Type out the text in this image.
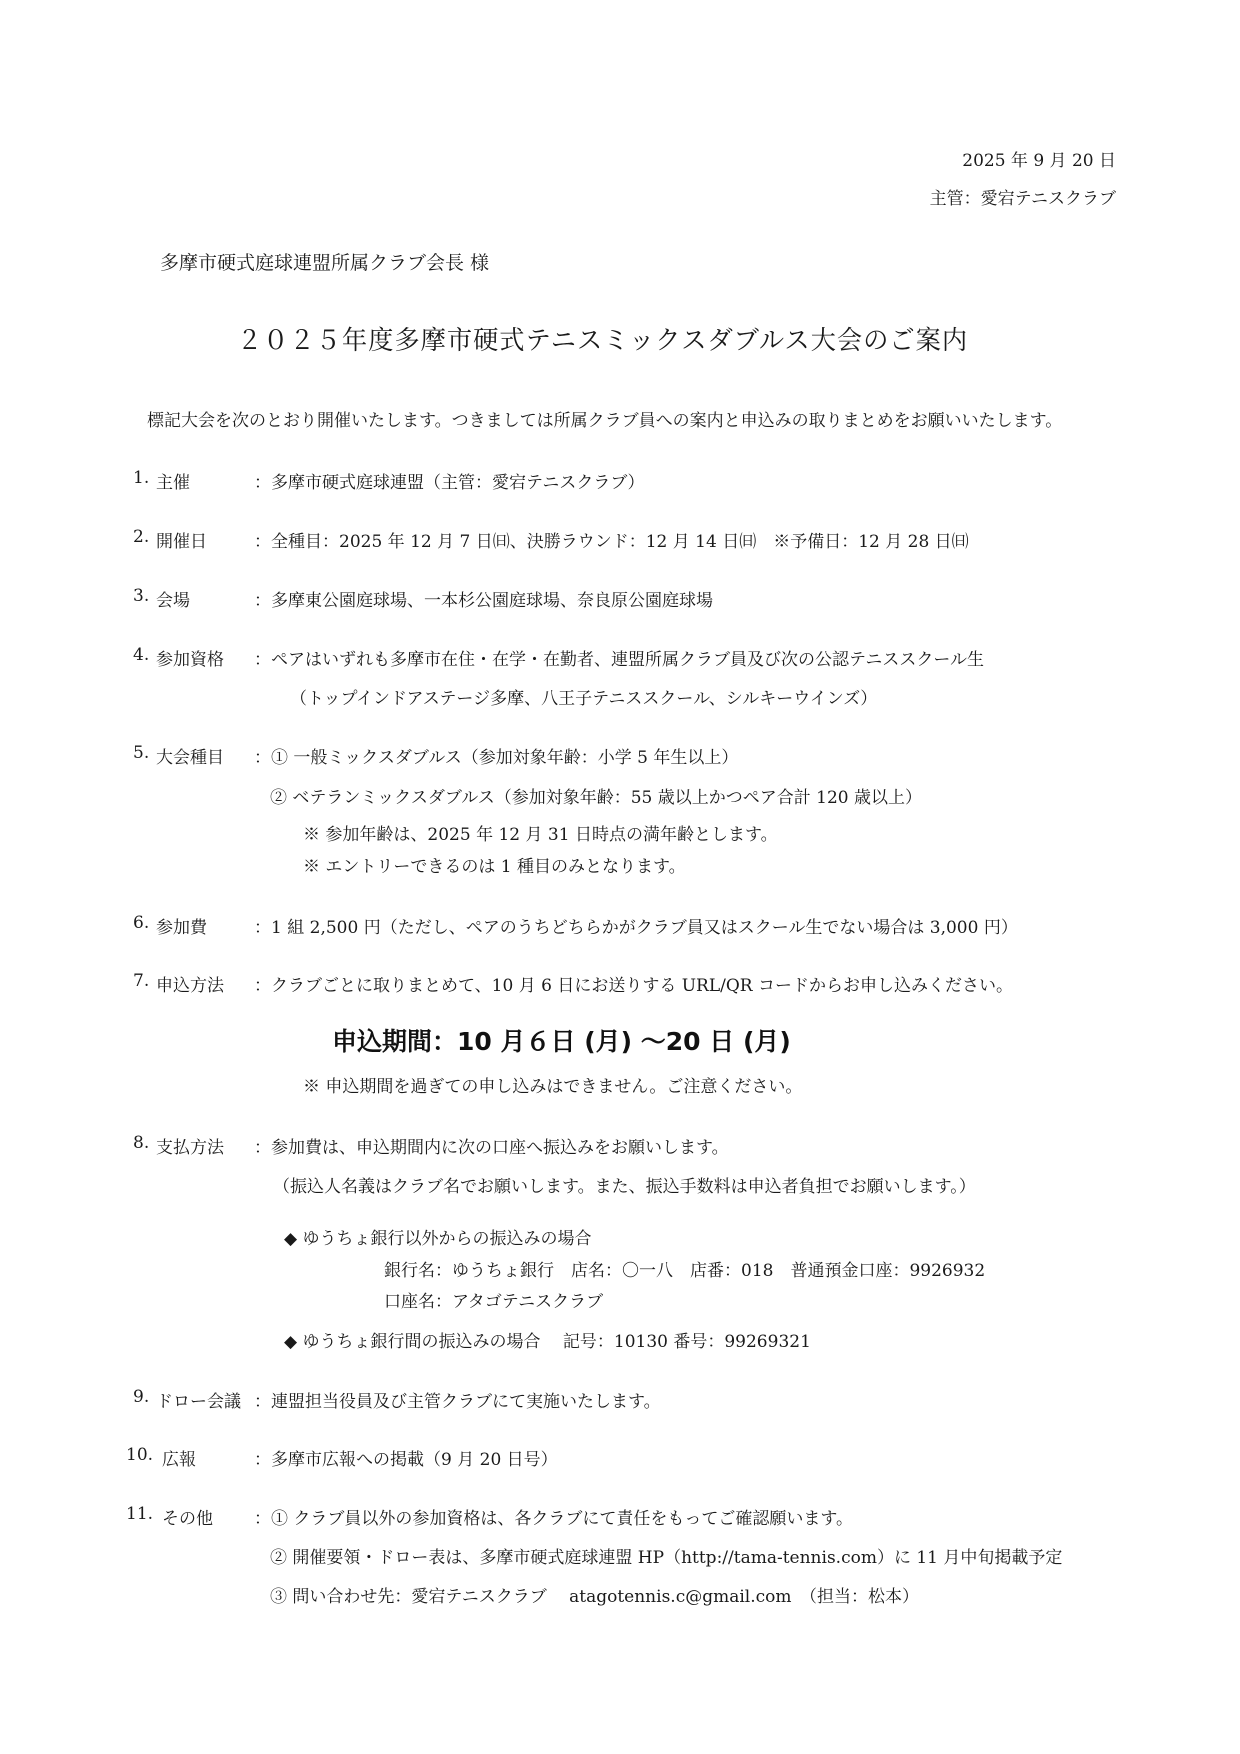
2025 年 9 月 20 日
主管：愛宕テニスクラブ
多摩市硬式庭球連盟所属クラブ会長 様
２０２５年度多摩市硬式テニスミックスダブルス大会のご案内
標記大会を次のとおり開催いたします。つきましては所属クラブ員への案内と申込みの取りまとめをお願いいたします。
1. 主催	：多摩市硬式庭球連盟（主管：愛宕テニスクラブ）
2. 開催日	：全種目：2025 年 12 月 7 日㈰、決勝ラウンド：12 月 14 日㈰　※予備日：12 月 28 日㈰
3. 会場	：多摩東公園庭球場、一本杉公園庭球場、奈良原公園庭球場
4. 参加資格 ：ペアはいずれも多摩市在住・在学・在勤者、連盟所属クラブ員及び次の公認テニススクール生
（トップインドアステージ多摩、八王子テニススクール、シルキーウインズ）
5. 大会種目 ：① 一般ミックスダブルス（参加対象年齢：小学 5 年生以上）
② ベテランミックスダブルス（参加対象年齢：55 歳以上かつペア合計 120 歳以上）
※ 参加年齢は、2025 年 12 月 31 日時点の満年齢とします。
※ エントリーできるのは 1 種目のみとなります。
6. 参加費	：1 組 2,500 円（ただし、ペアのうちどちらかがクラブ員又はスクール生でない場合は 3,000 円）
7. 申込方法 ：クラブごとに取りまとめて、10 月 6 日にお送りする URL/QR コードからお申し込みください。
申込期間：10 月６日 (月) ～20 日 (月)
※ 申込期間を過ぎての申し込みはできません。ご注意ください。
8. 支払方法 ：参加費は、申込期間内に次の口座へ振込みをお願いします。
（振込人名義はクラブ名でお願いします。また、振込手数料は申込者負担でお願いします。）
◆ ゆうちょ銀行以外からの振込みの場合
銀行名：ゆうちょ銀行　店名：〇一八　店番：018　普通預金口座：9926932
口座名：アタゴテニスクラブ
◆ ゆうちょ銀行間の振込みの場合　 記号：10130 番号：99269321
9. ドロー会議 ：連盟担当役員及び主管クラブにて実施いたします。
10. 広報	：多摩市広報への掲載（9 月 20 日号）
11. その他 ：① クラブ員以外の参加資格は、各クラブにて責任をもってご確認願います。
② 開催要領・ドロー表は、多摩市硬式庭球連盟 HP（http://tama-tennis.com）に 11 月中旬掲載予定
③ 問い合わせ先：愛宕テニスクラブ　 atagotennis.c@gmail.com　（担当：松本）
